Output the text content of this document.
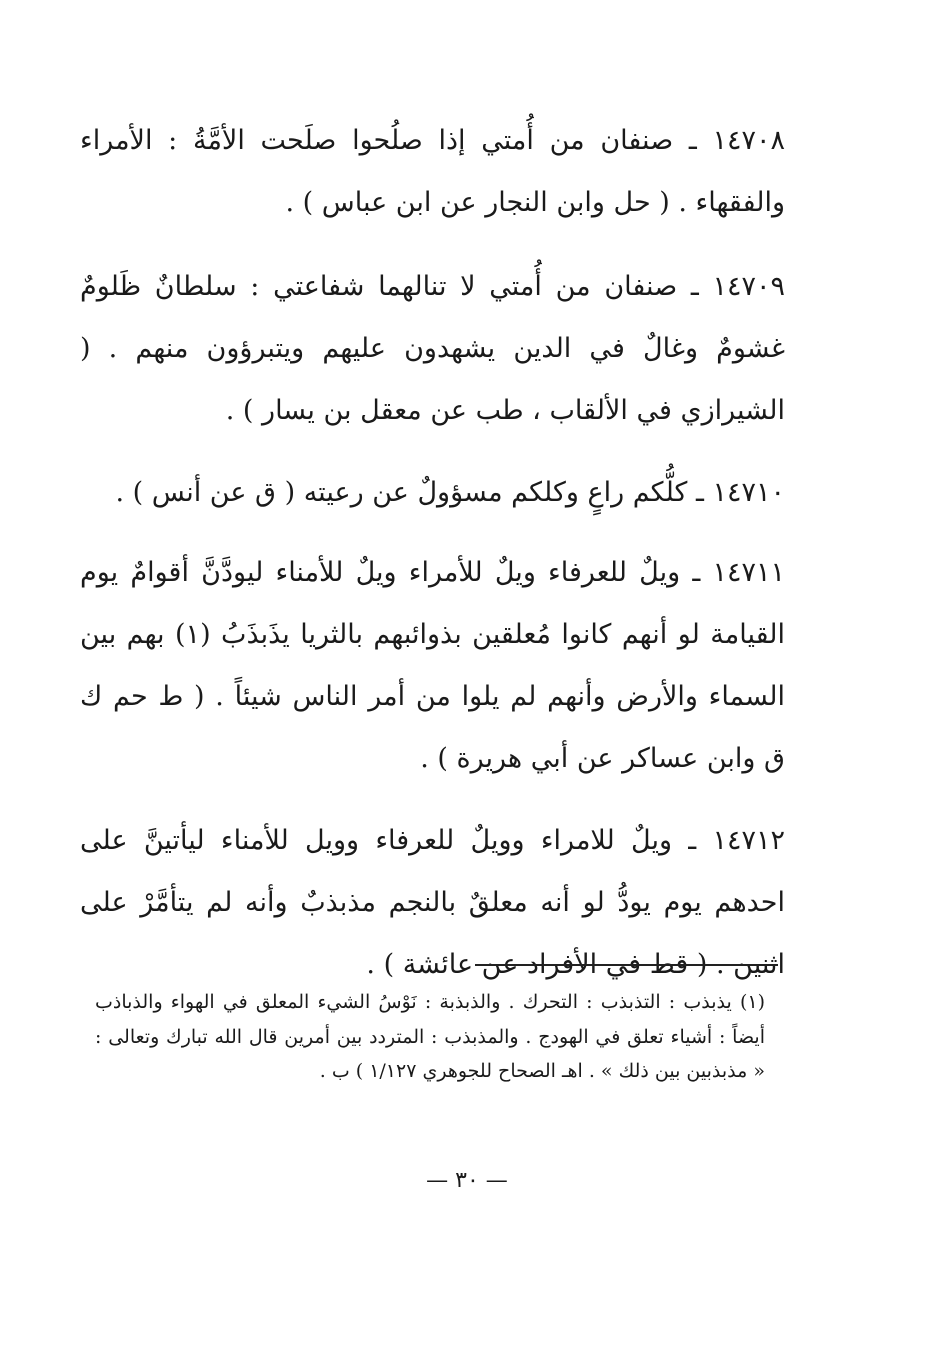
١٤٧٠٨ ـ صنفان من أُمتي إذا صلُحوا صلَحت الأمَّةُ : الأمراء والفقهاء . ( حل وابن النجار عن ابن عباس ) .

١٤٧٠٩ ـ صنفان من أُمتي لا تنالهما شفاعتي : سلطانٌ ظَلومٌ غشومٌ وغالٌ في الدين يشهدون عليهم ويتبرؤون منهم . ( الشيرازي في الألقاب ، طب عن معقل بن يسار ) .

١٤٧١٠ ـ كلُّكم راعٍ وكلكم مسؤولٌ عن رعيته ( ق عن أنس ) .

١٤٧١١ ـ ويلٌ للعرفاء ويلٌ للأمراء ويلٌ للأمناء ليودَّنَّ أقوامٌ يوم القيامة لو أنهم كانوا مُعلقين بذوائبهم بالثريا يذَبذَبُ (١) بهم بين السماء والأرض وأنهم لم يلوا من أمر الناس شيئاً . ( ط حم ك ق وابن عساكر عن أبي هريرة ) .

١٤٧١٢ ـ ويلٌ للامراء وويلٌ للعرفاء وويل للأمناء ليأتينَّ على احدهم يوم يودُّ لو أنه معلقٌ بالنجم مذبذبٌ وأنه لم يتأمَّرْ على اثنين . ( قط في الأفراد عن عائشة ) .

(١) يذبذب : التذبذب : التحرك . والذبذبة : نَوْسُ الشيء المعلق في الهواء والذباذب أيضاً : أشياء تعلق في الهودج . والمذبذب : المتردد بين أمرين قال الله تبارك وتعالى : « مذبذبين بين ذلك » . اهـ الصحاح للجوهري ١/١٢٧ ) ب .

— ٣٠ —
